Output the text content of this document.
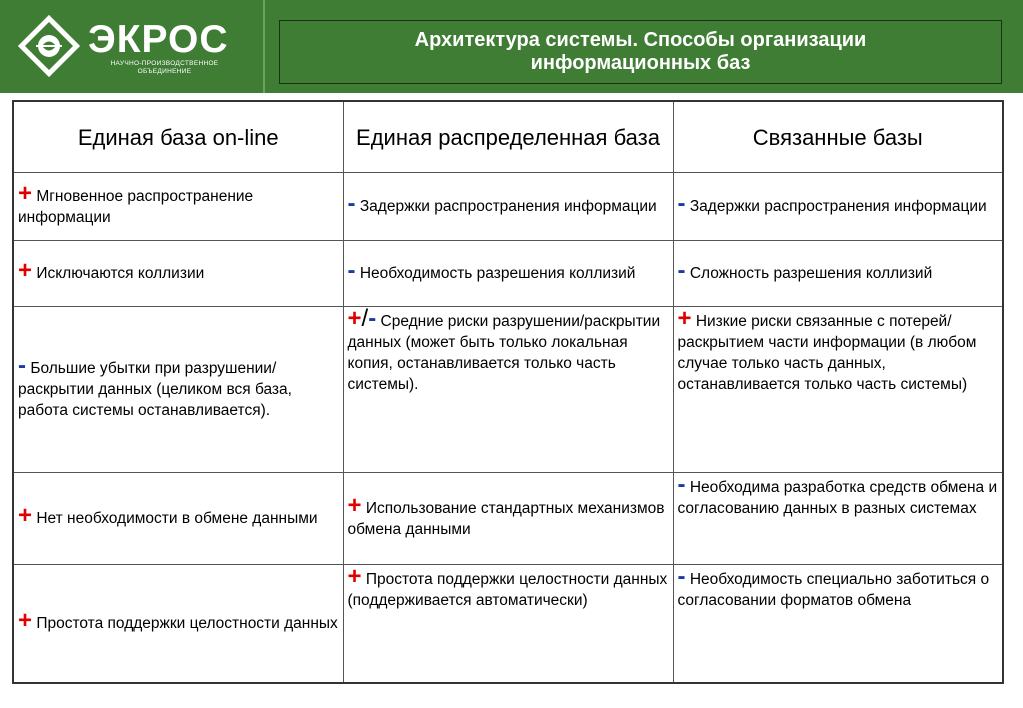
ЭКРОС
НАУЧНО-ПРОИЗВОДСТВЕННОЕ
ОБЪЕДИНЕНИЕ
Архитектура системы. Способы организации
информационных баз
Единая база on-line	Единая распределенная база	Связанные базы
+ Мгновенное распространение информации	- Задержки распространения информации	- Задержки распространения информации
+ Исключаются коллизии	- Необходимость разрешения коллизий	- Сложность разрешения коллизий
- Большие убытки при разрушении/раскрытии данных (целиком вся база, работа системы останавливается).	+/- Средние риски разрушении/раскрытии данных (может быть только локальная копия, останавливается только часть системы).	+ Низкие риски связанные с потерей/раскрытием части информации (в любом случае только часть данных, останавливается только часть системы)
+ Нет необходимости в обмене данными	+ Использование стандартных механизмов обмена данными	- Необходима разработка средств обмена и согласованию данных в разных системах
+ Простота поддержки целостности данных	+ Простота поддержки целостности данных (поддерживается автоматически)	- Необходимость специально заботиться о согласовании форматов обмена
